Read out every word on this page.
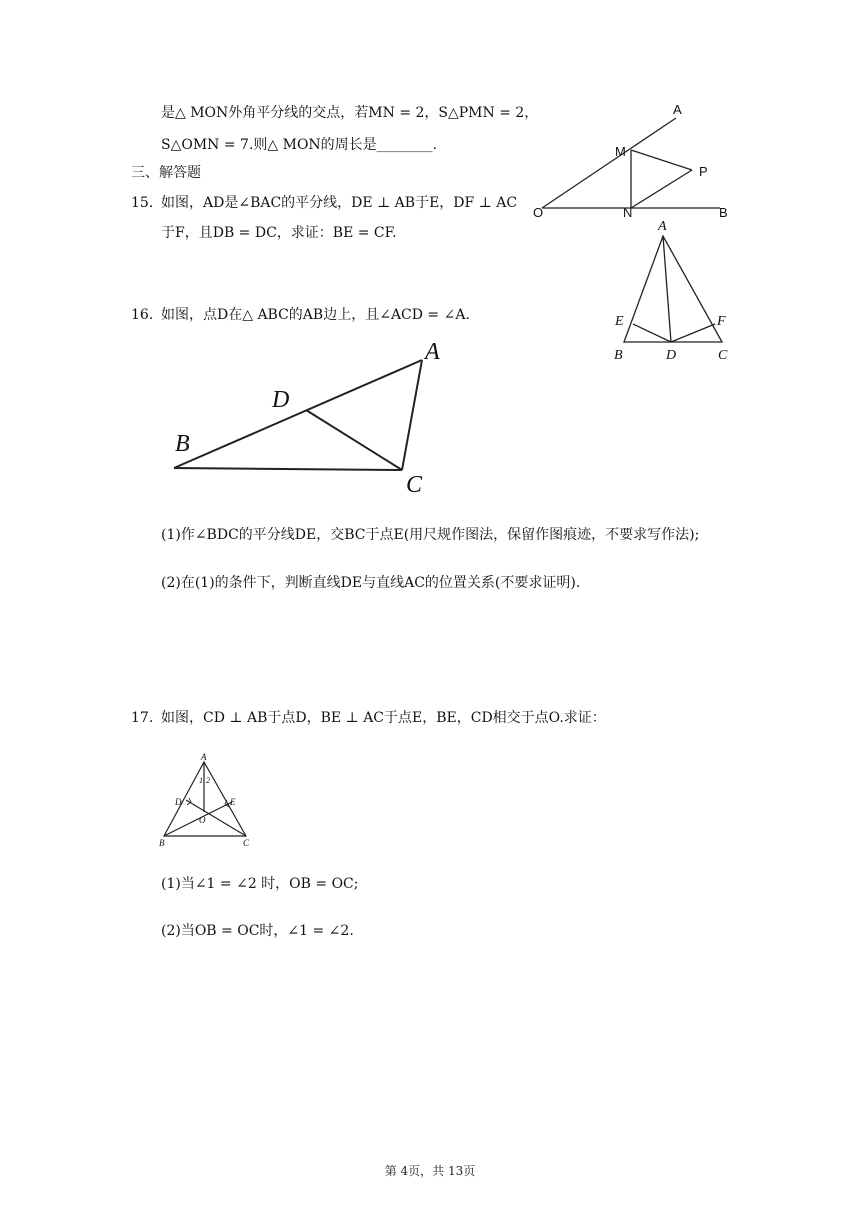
是△ MON外角平分线的交点，若MN = 2，S△PMN = 2，
S△OMN = 7.则△ MON的周长是________.
三、解答题
15. 如图，AD是∠BAC的平分线，DE ⊥ AB于E，DF ⊥ AC
于F，且DB = DC，求证：BE = CF.
16. 如图，点D在△ ABC的AB边上，且∠ACD = ∠A.
(1)作∠BDC的平分线DE，交BC于点E(用尺规作图法，保留作图痕迹，不要求写作法);
(2)在(1)的条件下，判断直线DE与直线AC的位置关系(不要求证明).
17. 如图，CD ⊥ AB于点D，BE ⊥ AC于点E，BE，CD相交于点O.求证：
(1)当∠1 = ∠2 时，OB = OC;
(2)当OB = OC时，∠1 = ∠2.
A
M
P
O	N	B
A
E	F
B	D	C
A
D
B
C
A
1 2
D	E
O
B	C
第 4页，共 13页
